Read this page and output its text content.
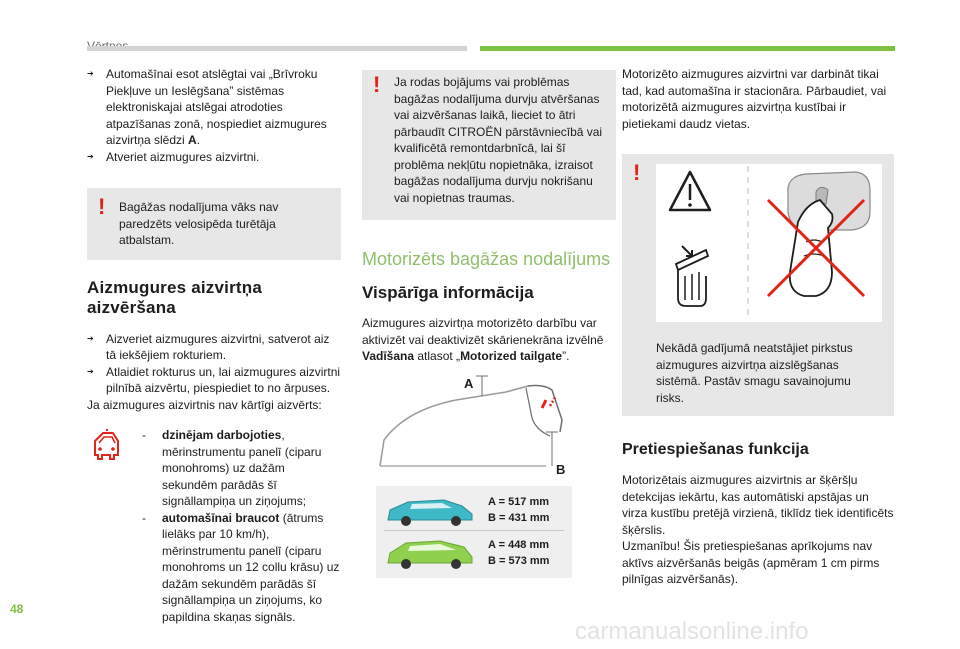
➔ Automašīnai esot atslēgtai vai „Brīvroku Piekļuve un Ieslēgšana” sistēmas elektroniskajai atslēgai atrodoties atpazīšanas zonā, nospiediet aizmugures aizvirtņa slēdzi A.
➔ Atveriet aizmugures aizvirtni.
! Bagāžas nodalījuma vāks nav paredzēts velosipēda turētāja atbalstam.

Aizmugures aizvirtņa aizvēršana
➔ Aizveriet aizmugures aizvirtni, satverot aiz tā iekšējiem rokturiem.
➔ Atlaidiet rokturus un, lai aizmugures aizvirtni pilnībā aizvērtu, piespiediet to no ārpuses.

Ja aizmugures aizvirtnis nav kārtīgi aizvērts:

- dzinējam darbojoties, mērinstrumentu panelī (ciparu monohroms) uz dažām sekundēm parādās šī signāllampiņa un ziņojums;
- automašīnai braucot (ātrums lielāks par 10 km/h), mērinstrumentu panelī (ciparu monohroms un 12 collu krāsu) uz dažām sekundēm parādās šī signāllampiņa un ziņojums, ko papildina skaņas signāls.
! Ja rodas bojājums vai problēmas bagāžas nodalījuma durvju atvēršanas vai aizvēršanas laikā, lieciet to ātri pārbaudīt CITROËN pārstāvniecībā vai kvalificētā remontdarbnīcā, lai šī problēma nekļūtu nopietnāka, izraisot bagāžas nodalījuma durvju nokrišanu vai nopietnas traumas.

Motorizēts bagāžas nodalījums
Vispārīga informācija

Aizmugures aizvirtņa motorizēto darbību var aktivizēt vai deaktivizēt skārienekrāna izvēlnē Vadīšana atlasot „Motorized tailgate”.

A
B
A = 517 mm
B = 431 mm
A = 448 mm
B = 573 mm

Motorizēto aizmugures aizvirtni var darbināt tikai tad, kad automašīna ir stacionāra. Pārbaudiet, vai motorizētā aizmugures aizvirtņa kustībai ir pietiekami daudz vietas.

!

Nekādā gadījumā neatstājiet pirkstus aizmugures aizvirtņa aizslēgšanas sistēmā. Pastāv smagu savainojumu risks.

Pretiespiešanas funkcija

Motorizētais aizmugures aizvirtnis ar šķēršļu detekcijas iekārtu, kas automātiski apstājas un virza kustību pretējā virzienā, tiklīdz tiek identificēts šķērslis.

Uzmanību! Šis pretiespiešanas aprīkojums nav aktīvs aizvēršanās beigās (apmēram 1 cm pirms pilnīgas aizvēršanās).

48
carmanualsonline.info
